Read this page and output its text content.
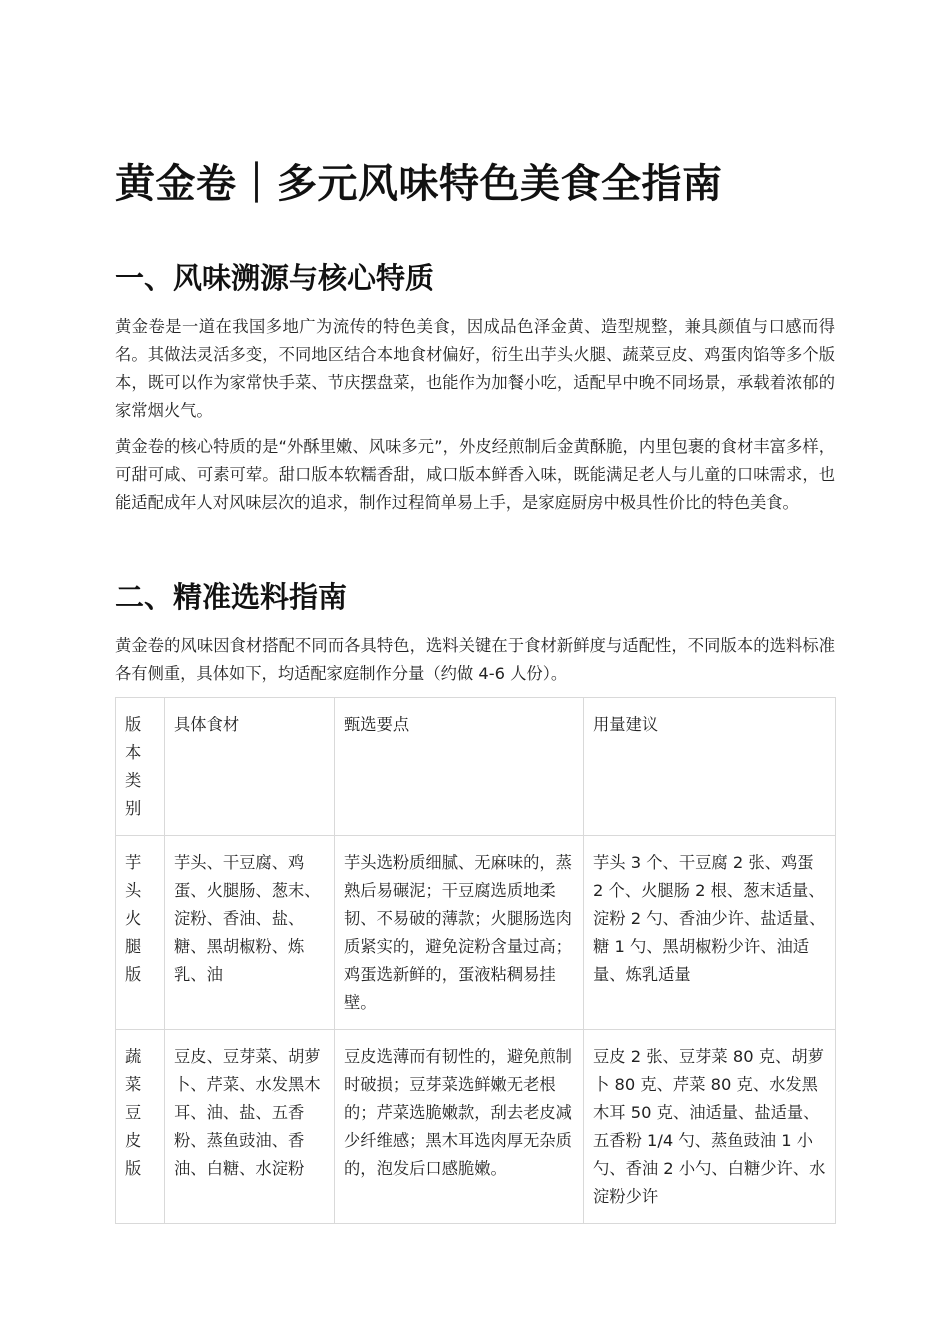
黄金卷｜多元风味特色美食全指南
一、风味溯源与核心特质

黄金卷是一道在我国多地广为流传的特色美食，因成品色泽金黄、造型规整，兼具颜值与口感而得名。其做法灵活多变，不同地区结合本地食材偏好，衍生出芋头火腿、蔬菜豆皮、鸡蛋肉馅等多个版本，既可以作为家常快手菜、节庆摆盘菜，也能作为加餐小吃，适配早中晚不同场景，承载着浓郁的家常烟火气。

黄金卷的核心特质的是“外酥里嫩、风味多元”，外皮经煎制后金黄酥脆，内里包裹的食材丰富多样，可甜可咸、可素可荤。甜口版本软糯香甜，咸口版本鲜香入味，既能满足老人与儿童的口味需求，也能适配成年人对风味层次的追求，制作过程简单易上手，是家庭厨房中极具性价比的特色美食。

二、精准选料指南

黄金卷的风味因食材搭配不同而各具特色，选料关键在于食材新鲜度与适配性，不同版本的选料标准各有侧重，具体如下，均适配家庭制作分量（约做 4-6 人份）。

版本类别	具体食材	甄选要点	用量建议
芋头火腿版	芋头、干豆腐、鸡蛋、火腿肠、葱末、淀粉、香油、盐、糖、黑胡椒粉、炼乳、油	芋头选粉质细腻、无麻味的，蒸熟后易碾泥；干豆腐选质地柔韧、不易破的薄款；火腿肠选肉质紧实的，避免淀粉含量过高；鸡蛋选新鲜的，蛋液粘稠易挂壁。	芋头 3 个、干豆腐 2 张、鸡蛋 2 个、火腿肠 2 根、葱末适量、淀粉 2 勺、香油少许、盐适量、糖 1 勺、黑胡椒粉少许、油适量、炼乳适量
蔬菜豆皮版	豆皮、豆芽菜、胡萝卜、芹菜、水发黑木耳、油、盐、五香粉、蒸鱼豉油、香油、白糖、水淀粉	豆皮选薄而有韧性的，避免煎制时破损；豆芽菜选鲜嫩无老根的；芹菜选脆嫩款，刮去老皮减少纤维感；黑木耳选肉厚无杂质的，泡发后口感脆嫩。	豆皮 2 张、豆芽菜 80 克、胡萝卜 80 克、芹菜 80 克、水发黑木耳 50 克、油适量、盐适量、五香粉 1/4 勺、蒸鱼豉油 1 小勺、香油 2 小勺、白糖少许、水淀粉少许
